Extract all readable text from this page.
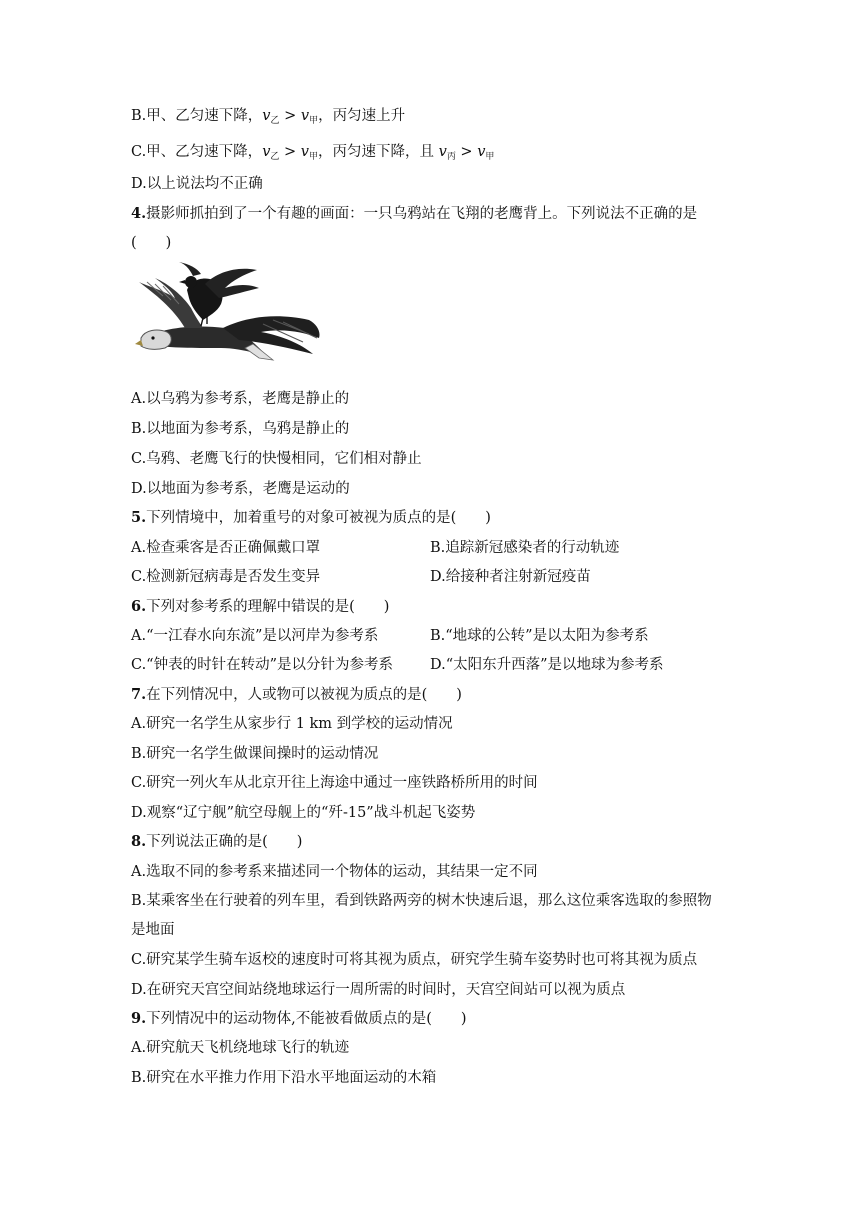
B.甲、乙匀速下降，$v_乙 > v_甲$，丙匀速上升
C.甲、乙匀速下降，$v_乙 > v_甲$，丙匀速下降，且 $v_丙 > v_甲$
D.以上说法均不正确
4.摄影师抓拍到了一个有趣的画面：一只乌鸦站在飞翔的老鹰背上。下列说法不正确的是
(　　)
A.以乌鸦为参考系，老鹰是静止的
B.以地面为参考系，乌鸦是静止的
C.乌鸦、老鹰飞行的快慢相同，它们相对静止
D.以地面为参考系，老鹰是运动的
5.下列情境中，加着重号的对象可被视为质点的是(　　)
A.检查乘客是否正确佩戴口罩	B.追踪新冠感染者的行动轨迹
C.检测新冠病毒是否发生变异	D.给接种者注射新冠疫苗
6.下列对参考系的理解中错误的是(　　)
A.“一江春水向东流”是以河岸为参考系	B.“地球的公转”是以太阳为参考系
C.“钟表的时针在转动”是以分针为参考系	D.“太阳东升西落”是以地球为参考系
7.在下列情况中，人或物可以被视为质点的是(　　)
A.研究一名学生从家步行 1 km 到学校的运动情况
B.研究一名学生做课间操时的运动情况
C.研究一列火车从北京开往上海途中通过一座铁路桥所用的时间
D.观察“辽宁舰”航空母舰上的“歼-15”战斗机起飞姿势
8.下列说法正确的是(　　)
A.选取不同的参考系来描述同一个物体的运动，其结果一定不同
B.某乘客坐在行驶着的列车里，看到铁路两旁的树木快速后退，那么这位乘客选取的参照物
是地面
C.研究某学生骑车返校的速度时可将其视为质点，研究学生骑车姿势时也可将其视为质点
D.在研究天宫空间站绕地球运行一周所需的时间时，天宫空间站可以视为质点
9.下列情况中的运动物体,不能被看做质点的是(　　)
A.研究航天飞机绕地球飞行的轨迹
B.研究在水平推力作用下沿水平地面运动的木箱
